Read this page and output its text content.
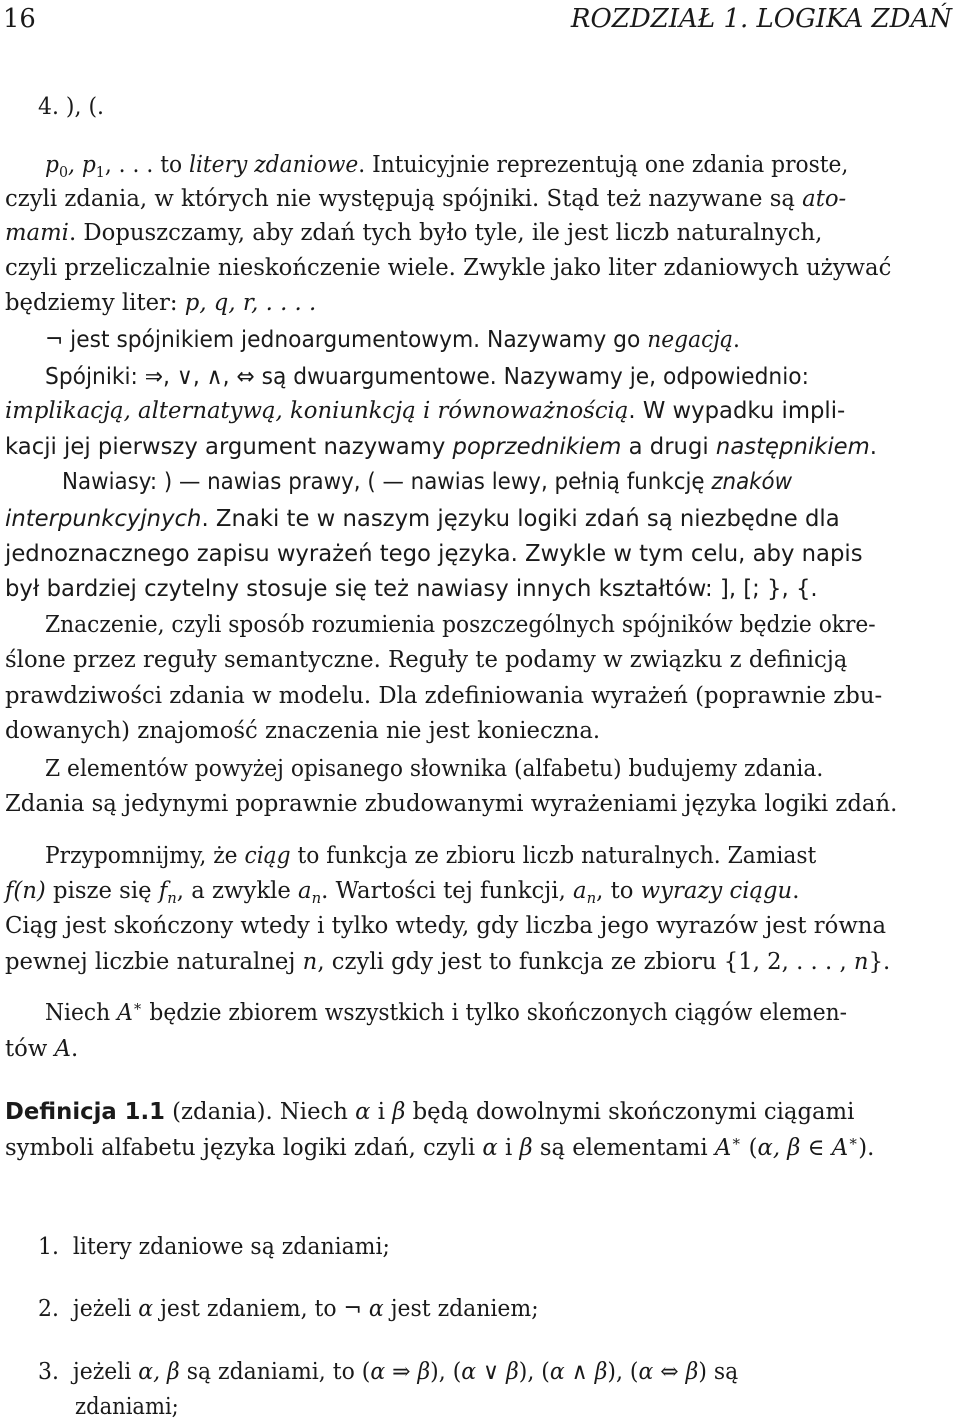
16	ROZDZIAŁ 1. LOGIKA ZDAŃ
4. ), (.
$p_0$, $p_1$, . . . to litery zdaniowe. Intuicyjnie reprezentują one zdania proste,
czyli zdania, w których nie występują spójniki. Stąd też nazywane są ato-
mami. Dopuszczamy, aby zdań tych było tyle, ile jest liczb naturalnych,
czyli przeliczalnie nieskończenie wiele. Zwykle jako liter zdaniowych używać
będziemy liter: p, q, r, . . . .
¬ jest spójnikiem jednoargumentowym. Nazywamy go negacją.
Spójniki: ⇒, ∨, ∧, ⇔ są dwuargumentowe. Nazywamy je, odpowiednio:
implikacją, alternatywą, koniunkcją i równoważnością. W wypadku impli-
kacji jej pierwszy argument nazywamy poprzednikiem a drugi następnikiem.
Nawiasy: ) — nawias prawy, ( — nawias lewy, pełnią funkcję znaków
interpunkcyjnych. Znaki te w naszym języku logiki zdań są niezbędne dla
jednoznacznego zapisu wyrażeń tego języka. Zwykle w tym celu, aby napis
był bardziej czytelny stosuje się też nawiasy innych kształtów: ], [; }, {.
Znaczenie, czyli sposób rozumienia poszczególnych spójników będzie okre-
ślone przez reguły semantyczne. Reguły te podamy w związku z definicją
prawdziwości zdania w modelu. Dla zdefiniowania wyrażeń (poprawnie zbu-
dowanych) znajomość znaczenia nie jest konieczna.
Z elementów powyżej opisanego słownika (alfabetu) budujemy zdania.
Zdania są jedynymi poprawnie zbudowanymi wyrażeniami języka logiki zdań.
Przypomnijmy, że ciąg to funkcja ze zbioru liczb naturalnych. Zamiast
f(n) pisze się $f_n$, a zwykle $a_n$. Wartości tej funkcji, $a_n$, to wyrazy ciągu.
Ciąg jest skończony wtedy i tylko wtedy, gdy liczba jego wyrazów jest równa
pewnej liczbie naturalnej n, czyli gdy jest to funkcja ze zbioru {1, 2, . . . , n}.
Niech A∗ będzie zbiorem wszystkich i tylko skończonych ciągów elemen-
tów A.
Definicja 1.1 (zdania). Niech α i β będą dowolnymi skończonymi ciągami
symboli alfabetu języka logiki zdań, czyli α i β są elementami A∗ (α, β ∈ A∗).
1. litery zdaniowe są zdaniami;
2. jeżeli α jest zdaniem, to ¬ α jest zdaniem;
3. jeżeli α, β są zdaniami, to (α ⇒ β), (α ∨ β), (α ∧ β), (α ⇔ β) są
zdaniami;
